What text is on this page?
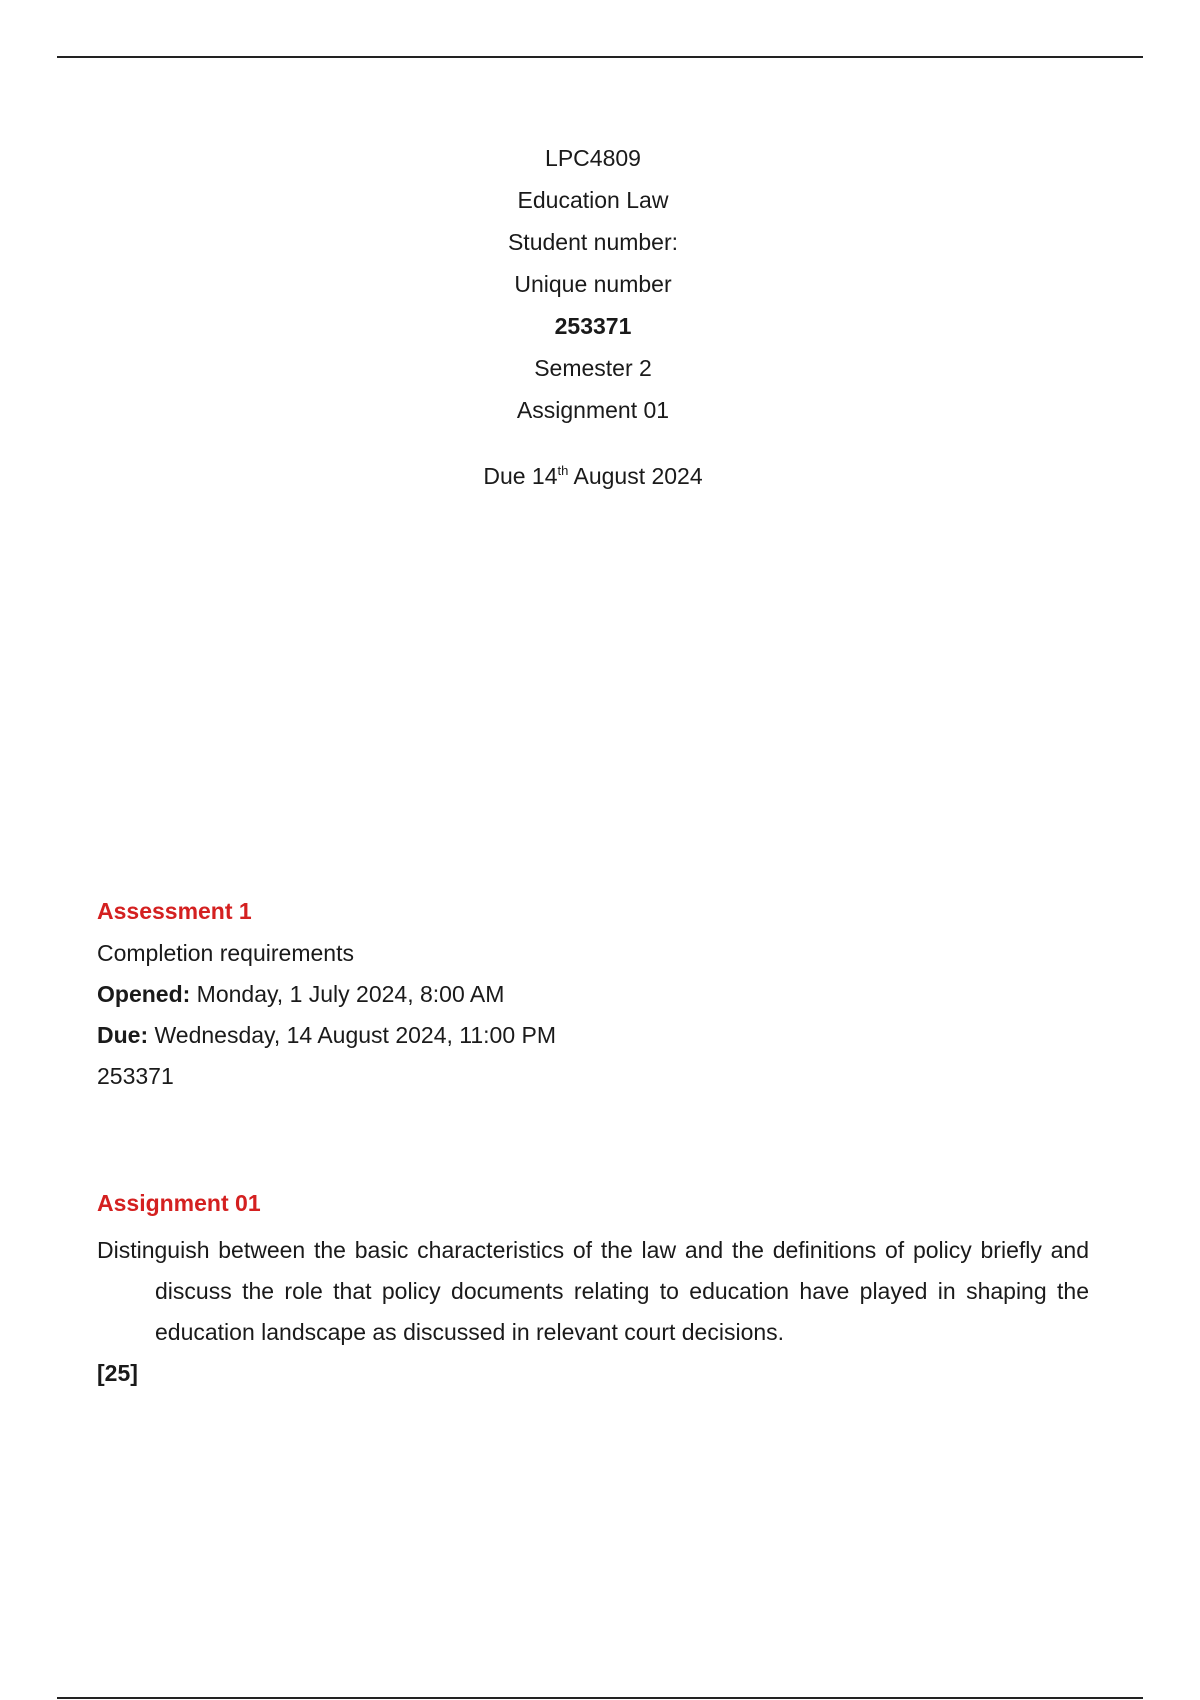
LPC4809
Education Law
Student number:
Unique number
253371
Semester 2
Assignment 01
Due 14th August 2024
Assessment 1
Completion requirements
Opened: Monday, 1 July 2024, 8:00 AM
Due: Wednesday, 14 August 2024, 11:00 PM
253371
Assignment 01
Distinguish between the basic characteristics of the law and the definitions of policy briefly and discuss the role that policy documents relating to education have played in shaping the education landscape as discussed in relevant court decisions.
[25]
